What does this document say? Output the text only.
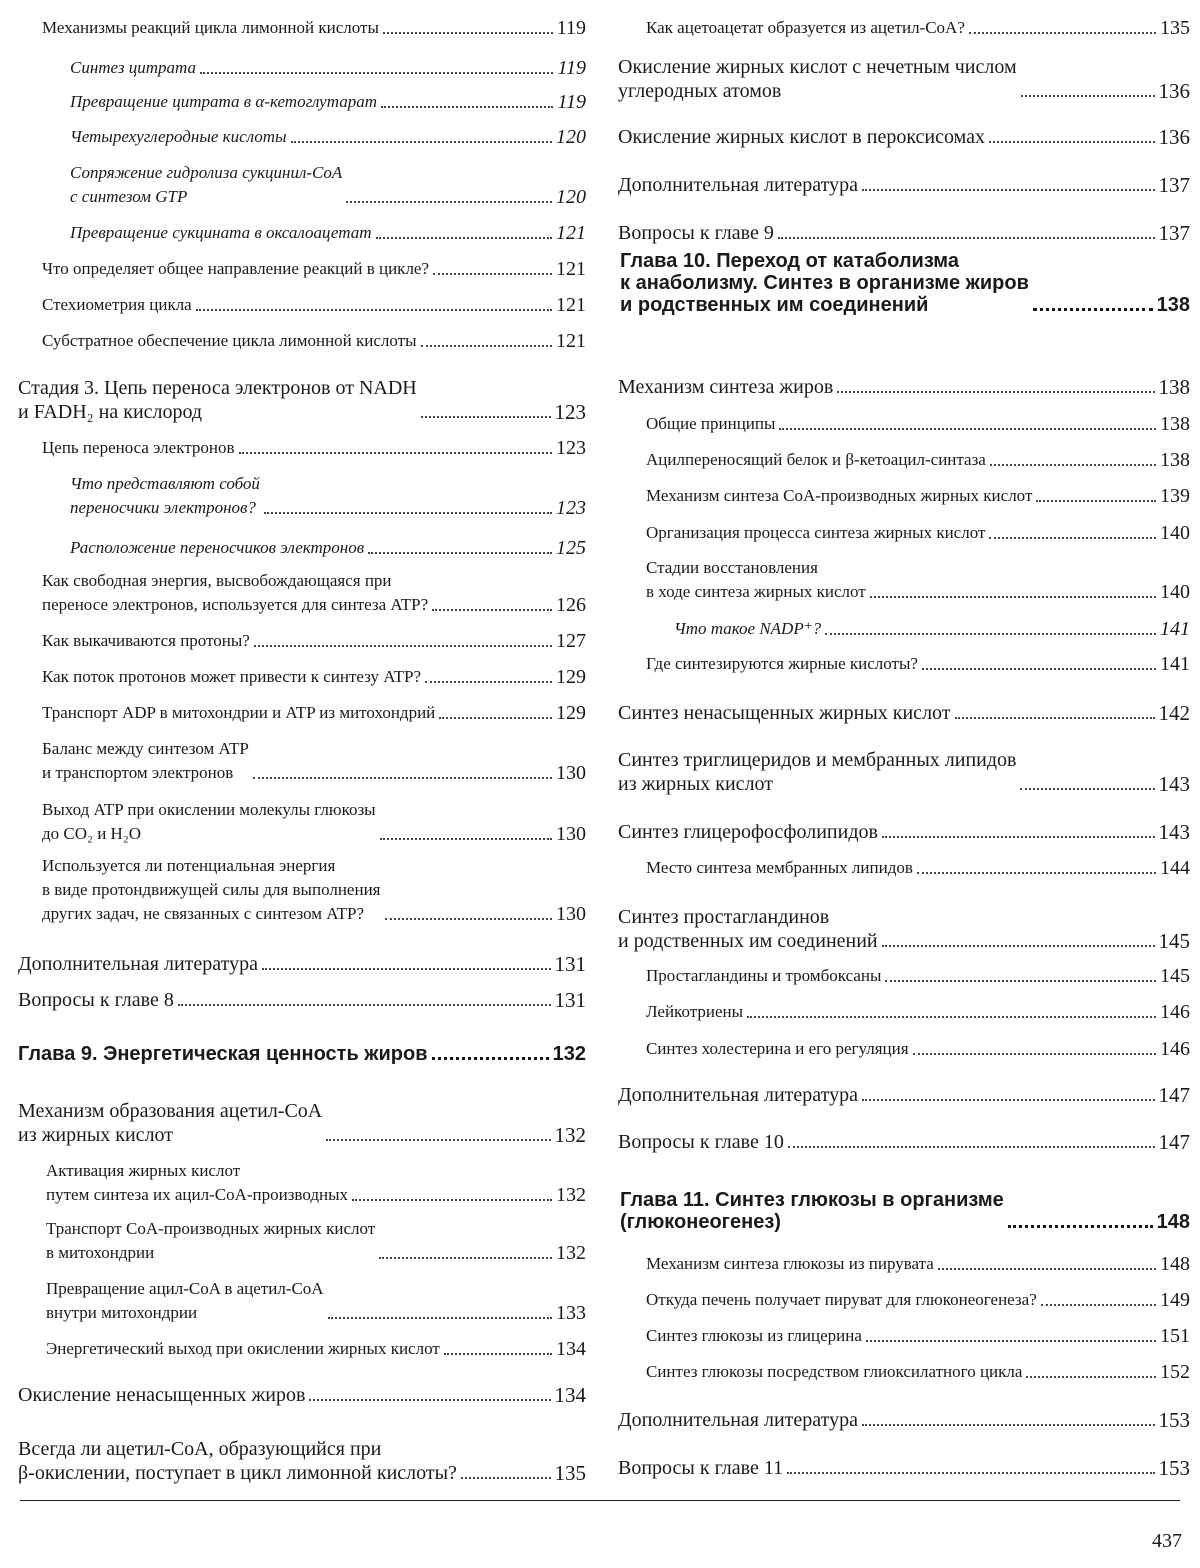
Механизмы реакций цикла лимонной кислоты	119
Синтез цитрата	119
Превращение цитрата в α-кетоглутарат	119
Четырехуглеродные кислоты	120
Сопряжение гидролиза сукцинил-CoA
с синтезом GTP	120
Превращение сукцината в оксалоацетат	121
Что определяет общее направление реакций в цикле?	121
Стехиометрия цикла	121
Субстратное обеспечение цикла лимонной кислоты	121
Стадия 3. Цепь переноса электронов от NADH
и FADH₂ на кислород	123
Цепь переноса электронов	123
Что представляют собой
переносчики электронов?	123
Расположение переносчиков электронов	125
Как свободная энергия, высвобождающаяся при
переносе электронов, используется для синтеза ATP?	126
Как выкачиваются протоны?	127
Как поток протонов может привести к синтезу ATP?	129
Транспорт ADP в митохондрии и ATP из митохондрий	129
Баланс между синтезом ATP
и транспортом электронов	130
Выход ATP при окислении молекулы глюкозы
до CO₂ и H₂O	130
Используется ли потенциальная энергия
в виде протондвижущей силы для выполнения
других задач, не связанных с синтезом ATP?	130
Дополнительная литература	131
Вопросы к главе 8	131
Глава 9. Энергетическая ценность жиров	132
Механизм образования ацетил-CoA
из жирных кислот	132
Активация жирных кислот
путем синтеза их ацил-CoA-производных	132
Транспорт CoA-производных жирных кислот
в митохондрии	132
Превращение ацил-CoA в ацетил-CoA
внутри митохондрии	133
Энергетический выход при окислении жирных кислот	134
Окисление ненасыщенных жиров	134
Всегда ли ацетил-CoA, образующийся при
β-окислении, поступает в цикл лимонной кислоты?	135
Как ацетоацетат образуется из ацетил-CoA?	135
Окисление жирных кислот с нечетным числом
углеродных атомов	136
Окисление жирных кислот в пероксисомах	136
Дополнительная литература	137
Вопросы к главе 9	137
Глава 10. Переход от катаболизма
к анаболизму. Синтез в организме жиров
и родственных им соединений	138
Механизм синтеза жиров	138
Общие принципы	138
Ацилпереносящий белок и β-кетоацил-синтаза	138
Механизм синтеза CoA-производных жирных кислот	139
Организация процесса синтеза жирных кислот	140
Стадии восстановления
в ходе синтеза жирных кислот	140
Что такое NADP⁺?	141
Где синтезируются жирные кислоты?	141
Синтез ненасыщенных жирных кислот	142
Синтез триглицеридов и мембранных липидов
из жирных кислот	143
Синтез глицерофосфолипидов	143
Место синтеза мембранных липидов	144
Синтез простагландинов
и родственных им соединений	145
Простагландины и тромбоксаны	145
Лейкотриены	146
Синтез холестерина и его регуляция	146
Дополнительная литература	147
Вопросы к главе 10	147
Глава 11. Синтез глюкозы в организме
(глюконеогенез)	148
Механизм синтеза глюкозы из пирувата	148
Откуда печень получает пируват для глюконеогенеза?	149
Синтез глюкозы из глицерина	151
Синтез глюкозы посредством глиоксилатного цикла	152
Дополнительная литература	153
Вопросы к главе 11	153
437
